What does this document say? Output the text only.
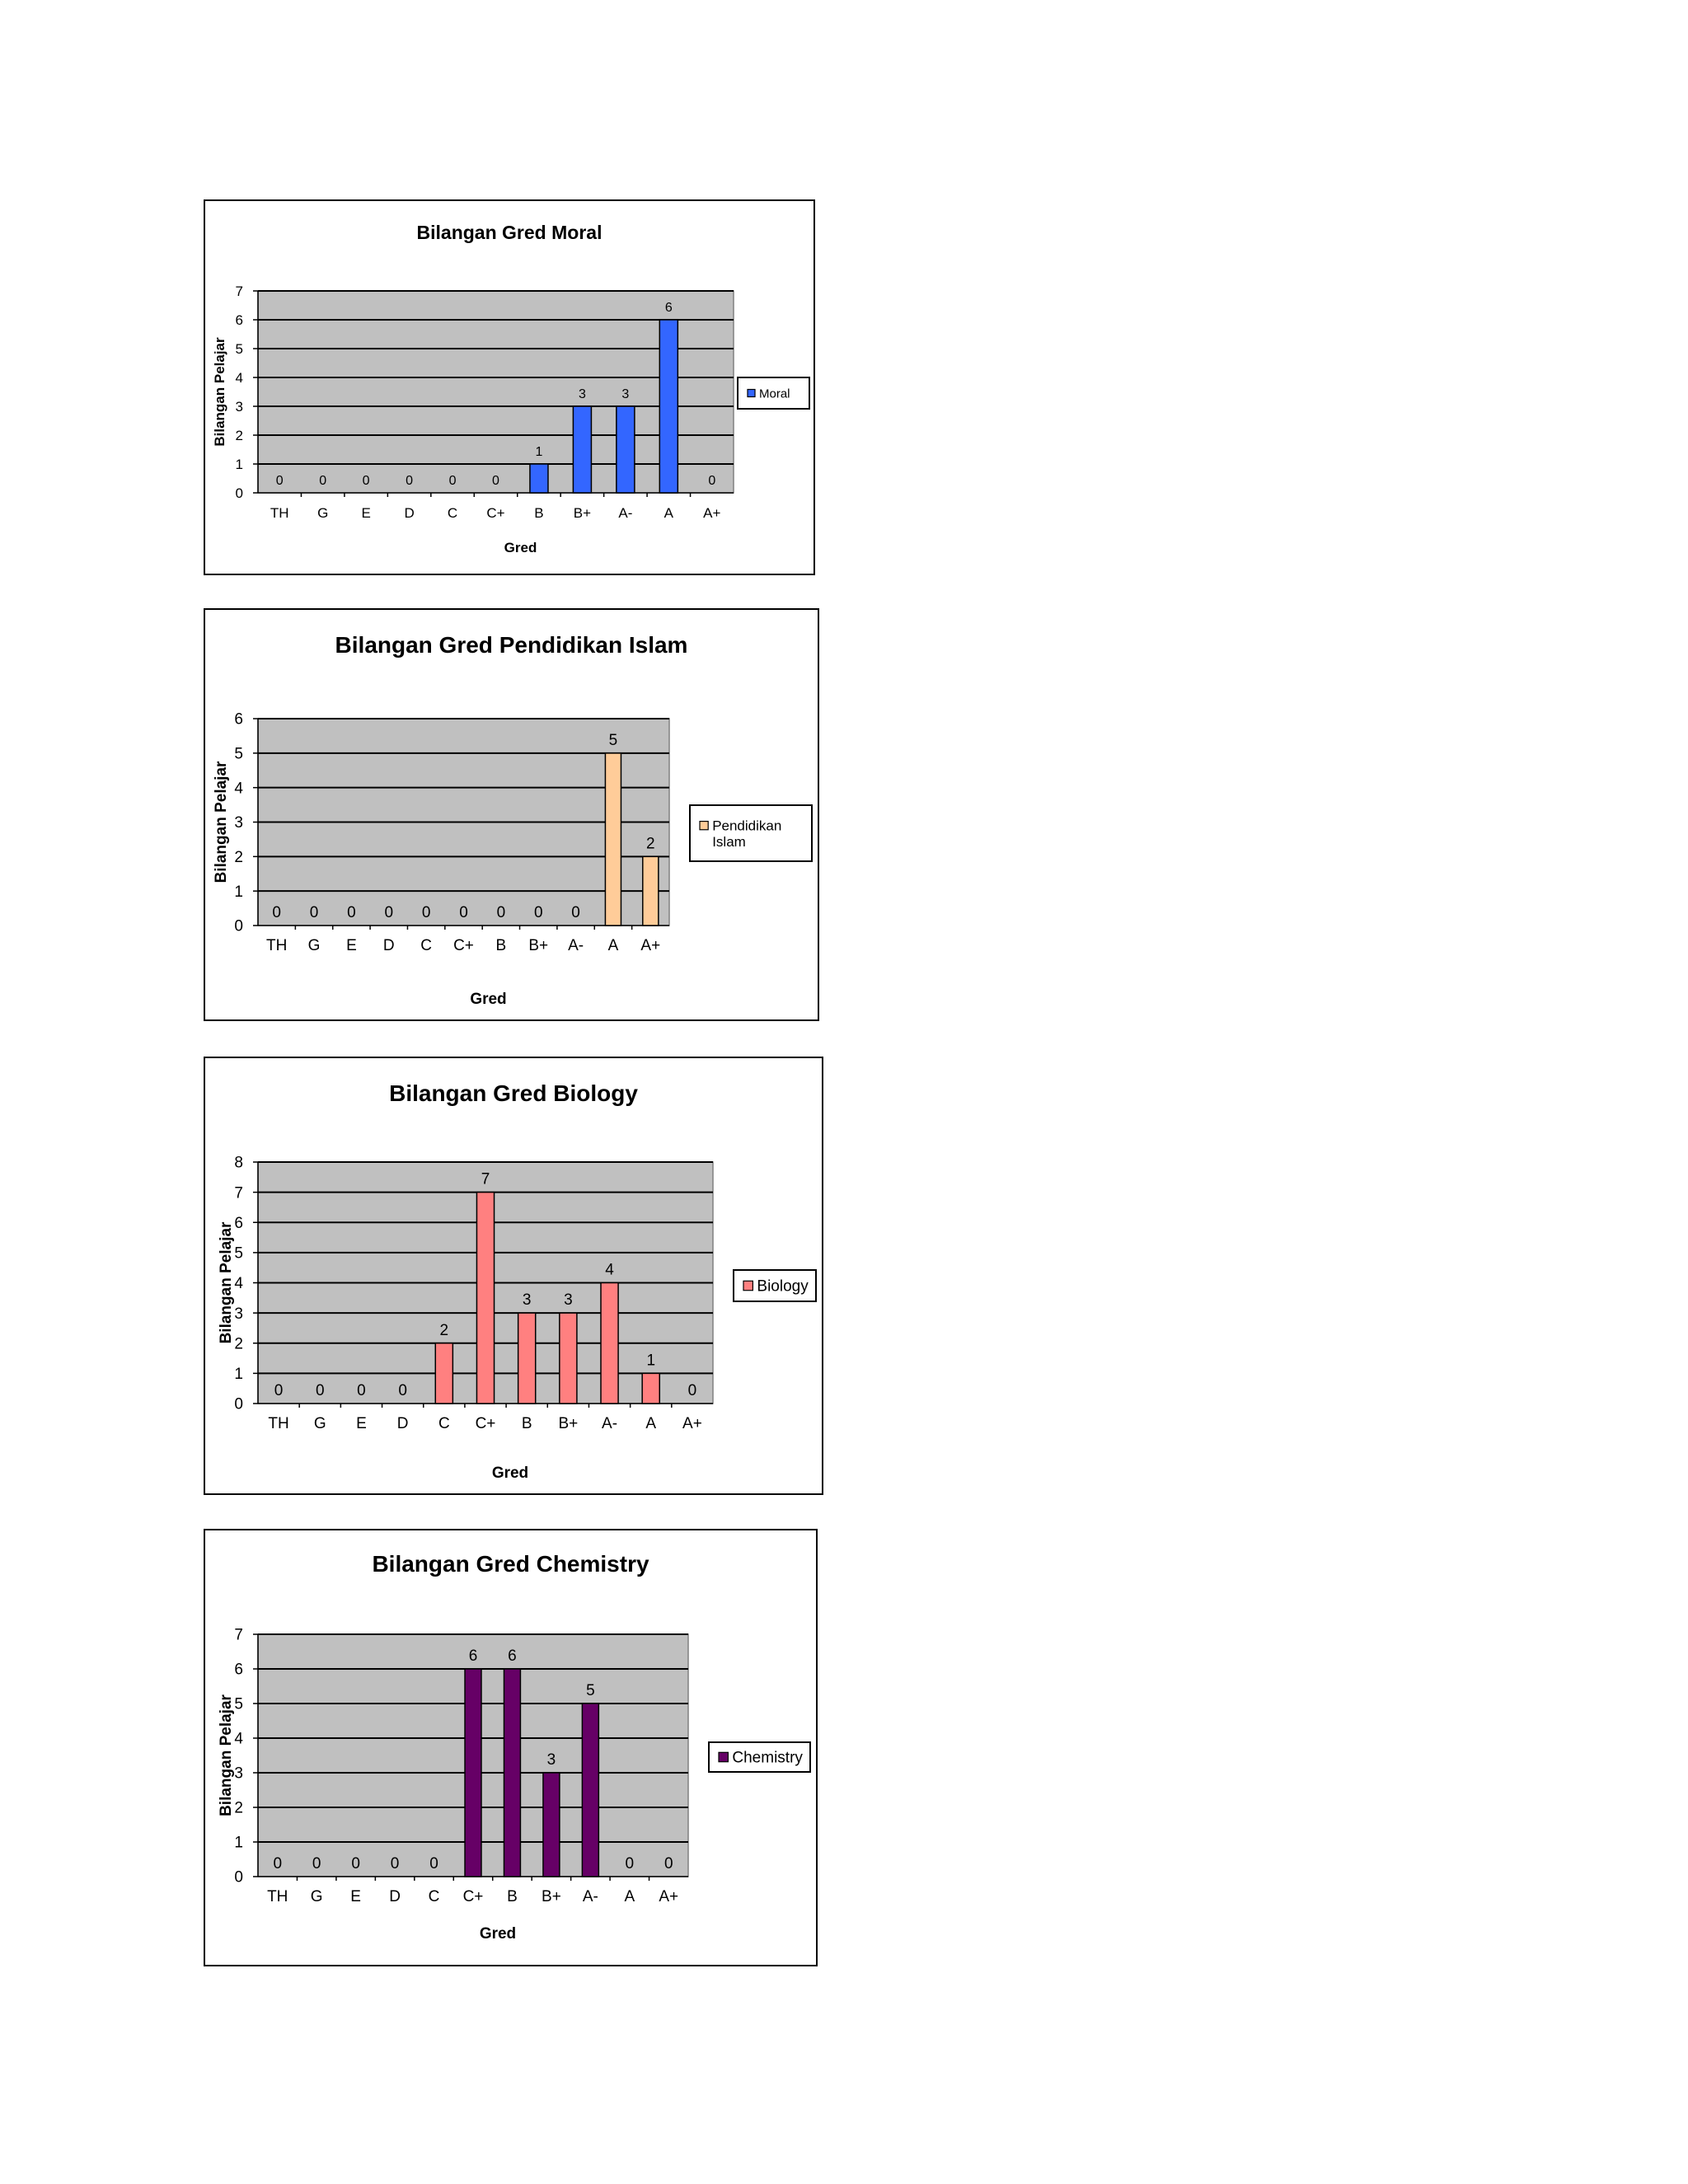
Bilangan Gred Moral
0
1
2
3
4
5
6
7
TH
0
G
0
E
0
D
0
C
0
C+
0
B
1
B+
3
A-
3
A
6
A+
0
Gred
Bilangan Pelajar	Moral
Bilangan Gred Pendidikan Islam
0
1
2
3
4
5
6
TH
0
G
0
E
0
D
0
C
0
C+
0
B
0
B+
0
A-
0
A
5
A+
2
Gred
Bilangan Pelajar	Pendidikan Islam
Bilangan Gred Biology
0
1
2
3
4
5
6
7
8
TH
0
G
0
E
0
D
0
C
2
C+
7
B
3
B+
3
A-
4
A
1
A+
0
Gred
Bilangan Pelajar	Biology
Bilangan Gred Chemistry
0
1
2
3
4
5
6
7
TH
0
G
0
E
0
D
0
C
0
C+
6
B
6
B+
3
A-
5
A
0
A+
0
Gred
Bilangan Pelajar	Chemistry
